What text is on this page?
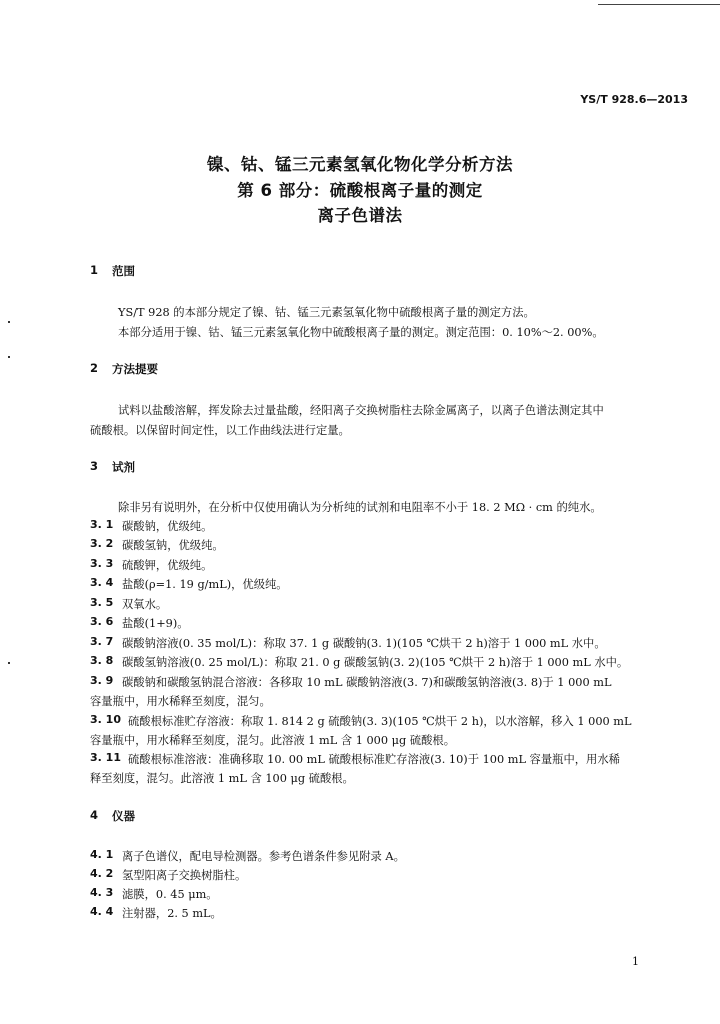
YS/T 928.6—2013
镍、钴、锰三元素氢氧化物化学分析方法
第 6 部分：硫酸根离子量的测定
离子色谱法
1 范围
YS/T 928 的本部分规定了镍、钴、锰三元素氢氧化物中硫酸根离子量的测定方法。
本部分适用于镍、钴、锰三元素氢氧化物中硫酸根离子量的测定。测定范围：0. 10%～2. 00%。
2 方法提要
试料以盐酸溶解，挥发除去过量盐酸，经阳离子交换树脂柱去除金属离子，以离子色谱法测定其中
硫酸根。以保留时间定性，以工作曲线法进行定量。
3 试剂
除非另有说明外，在分析中仅使用确认为分析纯的试剂和电阻率不小于 18. 2 MΩ · cm 的纯水。
3. 1 碳酸钠，优级纯。
3. 2 碳酸氢钠，优级纯。
3. 3 硫酸钾，优级纯。
3. 4 盐酸(ρ=1. 19 g/mL)，优级纯。
3. 5 双氧水。
3. 6 盐酸(1+9)。
3. 7 碳酸钠溶液(0. 35 mol/L)：称取 37. 1 g 碳酸钠(3. 1)(105 ℃烘干 2 h)溶于 1 000 mL 水中。
3. 8 碳酸氢钠溶液(0. 25 mol/L)：称取 21. 0 g 碳酸氢钠(3. 2)(105 ℃烘干 2 h)溶于 1 000 mL 水中。
3. 9 碳酸钠和碳酸氢钠混合溶液：各移取 10 mL 碳酸钠溶液(3. 7)和碳酸氢钠溶液(3. 8)于 1 000 mL
容量瓶中，用水稀释至刻度，混匀。
3. 10 硫酸根标准贮存溶液：称取 1. 814 2 g 硫酸钠(3. 3)(105 ℃烘干 2 h)，以水溶解，移入 1 000 mL
容量瓶中，用水稀释至刻度，混匀。此溶液 1 mL 含 1 000 μg 硫酸根。
3. 11 硫酸根标准溶液：准确移取 10. 00 mL 硫酸根标准贮存溶液(3. 10)于 100 mL 容量瓶中，用水稀
释至刻度，混匀。此溶液 1 mL 含 100 μg 硫酸根。
4 仪器
4. 1 离子色谱仪，配电导检测器。参考色谱条件参见附录 A。
4. 2 氢型阳离子交换树脂柱。
4. 3 滤膜，0. 45 μm。
4. 4 注射器，2. 5 mL。
1
